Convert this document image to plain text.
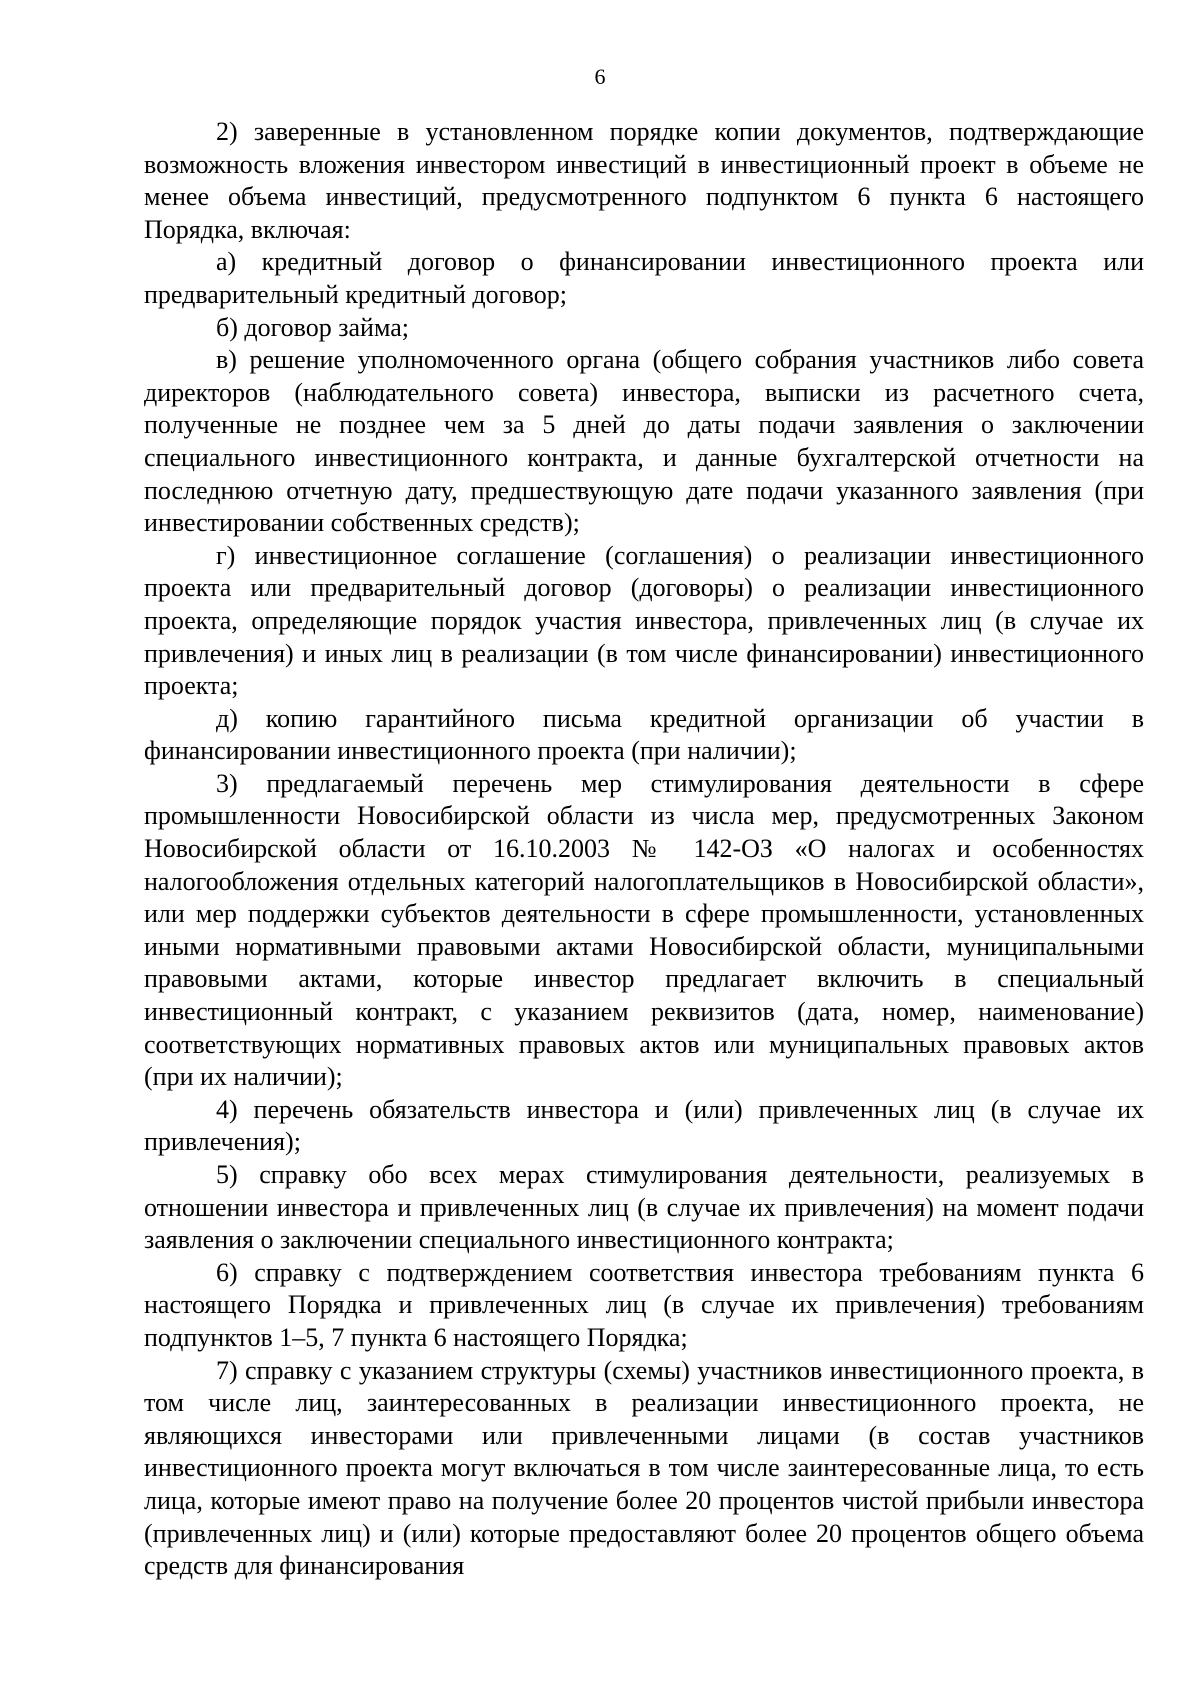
6

2) заверенные в установленном порядке копии документов, подтверждающие возможность вложения инвестором инвестиций в инвестиционный проект в объеме не менее объема инвестиций, предусмотренного подпунктом 6 пункта 6 настоящего Порядка, включая:

а) кредитный договор о финансировании инвестиционного проекта или предварительный кредитный договор;

б) договор займа;

в) решение уполномоченного органа (общего собрания участников либо совета директоров (наблюдательного совета) инвестора, выписки из расчетного счета, полученные не позднее чем за 5 дней до даты подачи заявления о заключении специального инвестиционного контракта, и данные бухгалтерской отчетности на последнюю отчетную дату, предшествующую дате подачи указанного заявления (при инвестировании собственных средств);

г) инвестиционное соглашение (соглашения) о реализации инвестиционного проекта или предварительный договор (договоры) о реализации инвестиционного проекта, определяющие порядок участия инвестора, привлеченных лиц (в случае их привлечения) и иных лиц в реализации (в том числе финансировании) инвестиционного проекта;

д) копию гарантийного письма кредитной организации об участии в финансировании инвестиционного проекта (при наличии);

3) предлагаемый перечень мер стимулирования деятельности в сфере промышленности Новосибирской области из числа мер, предусмотренных Законом Новосибирской области от 16.10.2003 № 142-ОЗ «О налогах и особенностях налогообложения отдельных категорий налогоплательщиков в Новосибирской области», или мер поддержки субъектов деятельности в сфере промышленности, установленных иными нормативными правовыми актами Новосибирской области, муниципальными правовыми актами, которые инвестор предлагает включить в специальный инвестиционный контракт, с указанием реквизитов (дата, номер, наименование) соответствующих нормативных правовых актов или муниципальных правовых актов (при их наличии);

4) перечень обязательств инвестора и (или) привлеченных лиц (в случае их привлечения);

5) справку обо всех мерах стимулирования деятельности, реализуемых в отношении инвестора и привлеченных лиц (в случае их привлечения) на момент подачи заявления о заключении специального инвестиционного контракта;

6) справку с подтверждением соответствия инвестора требованиям пункта 6 настоящего Порядка и привлеченных лиц (в случае их привлечения) требованиям подпунктов 1–5, 7 пункта 6 настоящего Порядка;

7) справку с указанием структуры (схемы) участников инвестиционного проекта, в том числе лиц, заинтересованных в реализации инвестиционного проекта, не являющихся инвесторами или привлеченными лицами (в состав участников инвестиционного проекта могут включаться в том числе заинтересованные лица, то есть лица, которые имеют право на получение более 20 процентов чистой прибыли инвестора (привлеченных лиц) и (или) которые предоставляют более 20 процентов общего объема средств для финансирования
